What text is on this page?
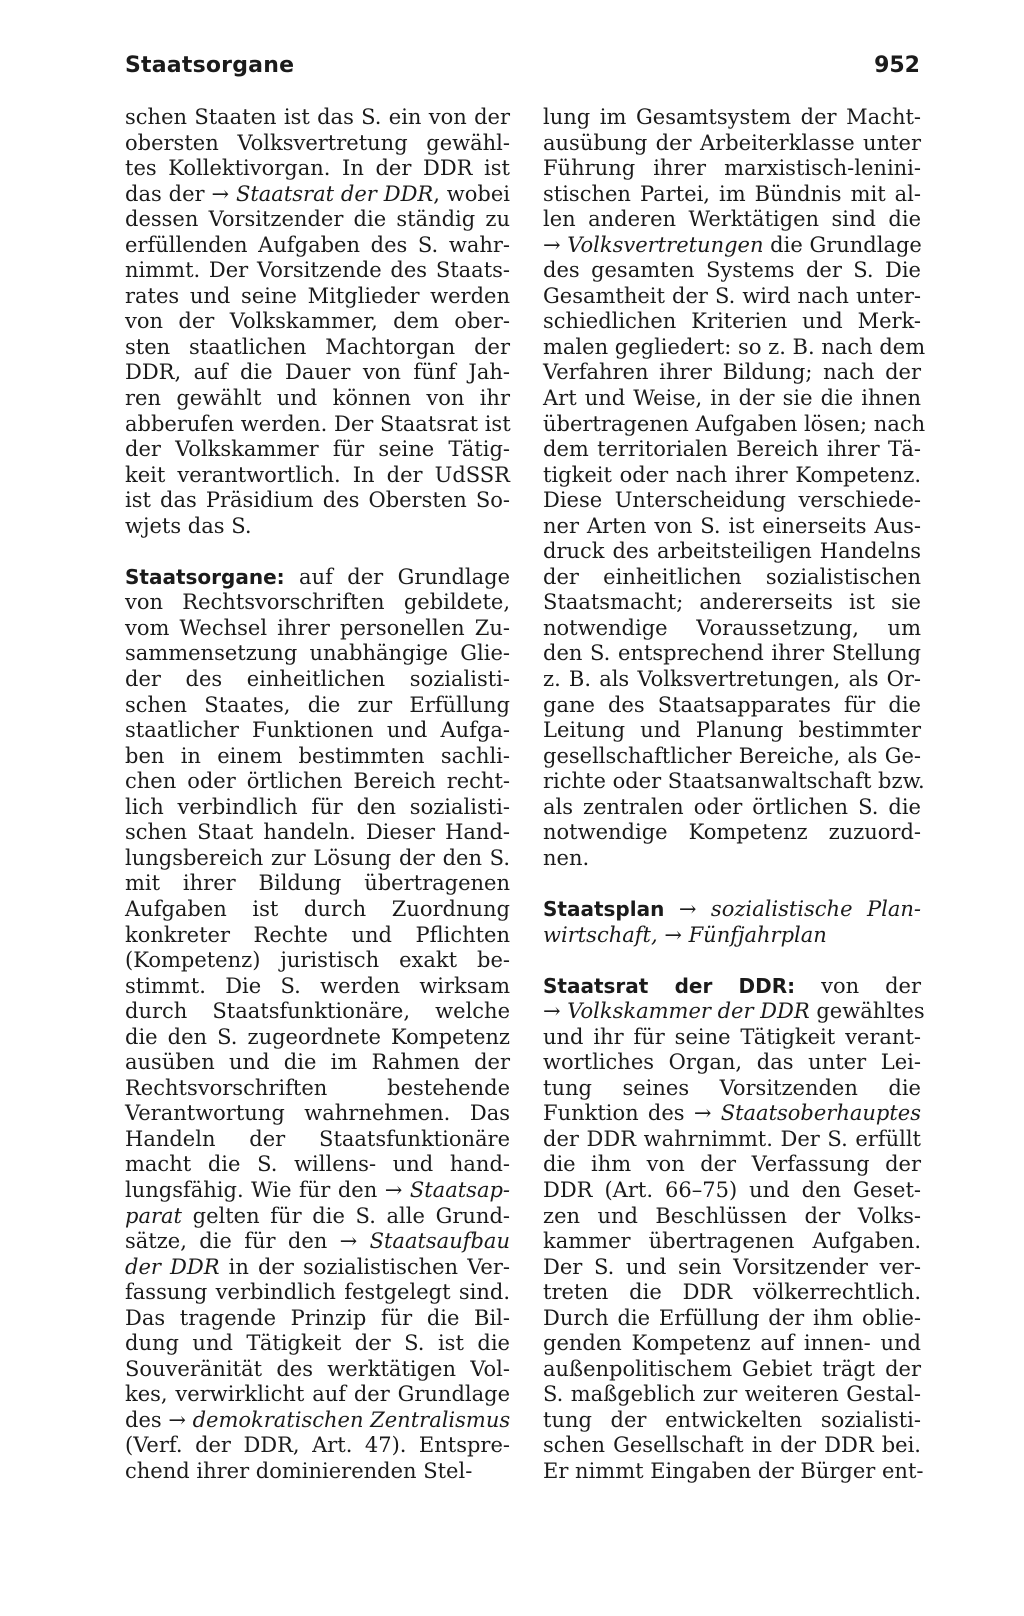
Staatsorgane	952
schen Staaten ist das S. ein von der
obersten Volksvertretung gewähl-
tes Kollektivorgan. In der DDR ist
das der → Staatsrat der DDR, wobei
dessen Vorsitzender die ständig zu
erfüllenden Aufgaben des S. wahr-
nimmt. Der Vorsitzende des Staats-
rates und seine Mitglieder werden
von der Volkskammer, dem ober-
sten staatlichen Machtorgan der
DDR, auf die Dauer von fünf Jah-
ren gewählt und können von ihr
abberufen werden. Der Staatsrat ist
der Volkskammer für seine Tätig-
keit verantwortlich. In der UdSSR
ist das Präsidium des Obersten So-
wjets das S.
Staatsorgane: auf der Grundlage
von Rechtsvorschriften gebildete,
vom Wechsel ihrer personellen Zu-
sammensetzung unabhängige Glie-
der des einheitlichen sozialisti-
schen Staates, die zur Erfüllung
staatlicher Funktionen und Aufga-
ben in einem bestimmten sachli-
chen oder örtlichen Bereich recht-
lich verbindlich für den sozialisti-
schen Staat handeln. Dieser Hand-
lungsbereich zur Lösung der den S.
mit ihrer Bildung übertragenen
Aufgaben ist durch Zuordnung
konkreter Rechte und Pflichten
(Kompetenz) juristisch exakt be-
stimmt. Die S. werden wirksam
durch Staatsfunktionäre, welche
die den S. zugeordnete Kompetenz
ausüben und die im Rahmen der
Rechtsvorschriften bestehende
Verantwortung wahrnehmen. Das
Handeln der Staatsfunktionäre
macht die S. willens- und hand-
lungsfähig. Wie für den → Staatsap-
parat gelten für die S. alle Grund-
sätze, die für den → Staatsaufbau
der DDR in der sozialistischen Ver-
fassung verbindlich festgelegt sind.
Das tragende Prinzip für die Bil-
dung und Tätigkeit der S. ist die
Souveränität des werktätigen Vol-
kes, verwirklicht auf der Grundlage
des → demokratischen Zentralismus
(Verf. der DDR, Art. 47). Entspre-
chend ihrer dominierenden Stel-
lung im Gesamtsystem der Macht-
ausübung der Arbeiterklasse unter
Führung ihrer marxistisch-lenini-
stischen Partei, im Bündnis mit al-
len anderen Werktätigen sind die
→ Volksvertretungen die Grundlage
des gesamten Systems der S. Die
Gesamtheit der S. wird nach unter-
schiedlichen Kriterien und Merk-
malen gegliedert: so z. B. nach dem
Verfahren ihrer Bildung; nach der
Art und Weise, in der sie die ihnen
übertragenen Aufgaben lösen; nach
dem territorialen Bereich ihrer Tä-
tigkeit oder nach ihrer Kompetenz.
Diese Unterscheidung verschiede-
ner Arten von S. ist einerseits Aus-
druck des arbeitsteiligen Handelns
der einheitlichen sozialistischen
Staatsmacht; andererseits ist sie
notwendige Voraussetzung, um
den S. entsprechend ihrer Stellung
z. B. als Volksvertretungen, als Or-
gane des Staatsapparates für die
Leitung und Planung bestimmter
gesellschaftlicher Bereiche, als Ge-
richte oder Staatsanwaltschaft bzw.
als zentralen oder örtlichen S. die
notwendige Kompetenz zuzuord-
nen.
Staatsplan → sozialistische Plan-
wirtschaft, → Fünfjahrplan
Staatsrat der DDR: von der
→ Volkskammer der DDR gewähltes
und ihr für seine Tätigkeit verant-
wortliches Organ, das unter Lei-
tung seines Vorsitzenden die
Funktion des → Staatsoberhauptes
der DDR wahrnimmt. Der S. erfüllt
die ihm von der Verfassung der
DDR (Art. 66–75) und den Geset-
zen und Beschlüssen der Volks-
kammer übertragenen Aufgaben.
Der S. und sein Vorsitzender ver-
treten die DDR völkerrechtlich.
Durch die Erfüllung der ihm oblie-
genden Kompetenz auf innen- und
außenpolitischem Gebiet trägt der
S. maßgeblich zur weiteren Gestal-
tung der entwickelten sozialisti-
schen Gesellschaft in der DDR bei.
Er nimmt Eingaben der Bürger ent-
